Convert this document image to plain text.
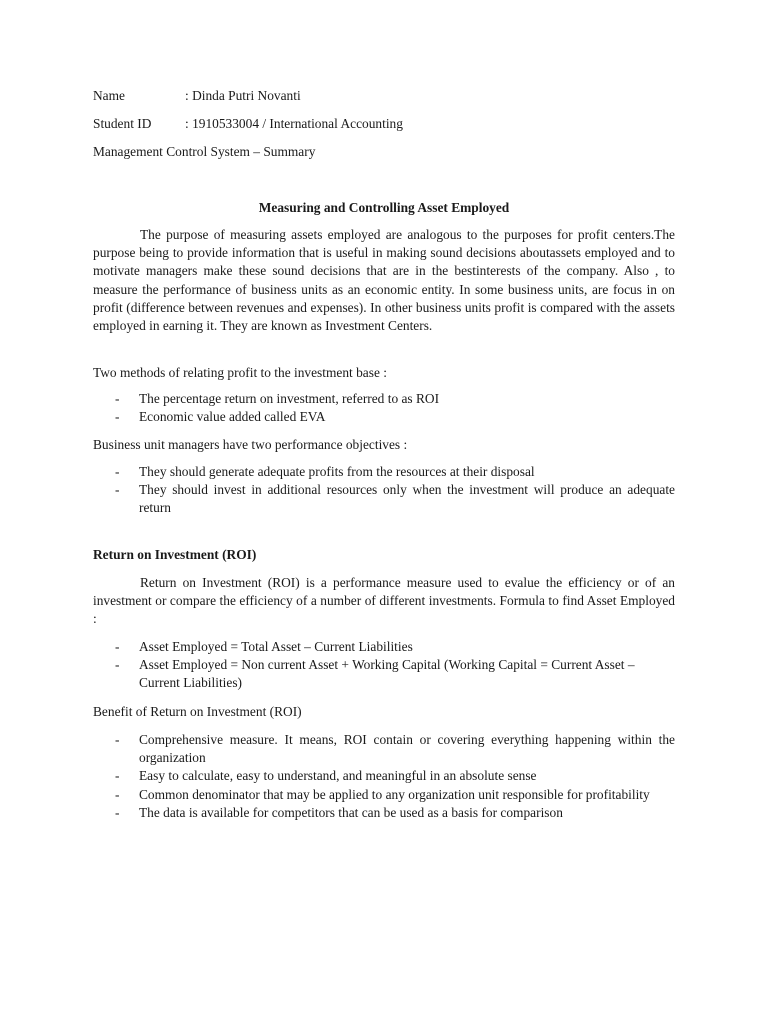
Name	: Dinda Putri Novanti
Student ID	: 1910533004 / International Accounting
Management Control System – Summary
Measuring and Controlling Asset Employed

The purpose of measuring assets employed are analogous to the purposes for profit centers.The purpose being to provide information that is useful in making sound decisions aboutassets employed and to motivate managers make these sound decisions that are in the bestinterests of the company. Also , to measure the performance of business units as an economic entity. In some business units, are focus in on profit (difference between revenues and expenses). In other business units profit is compared with the assets employed in earning it. They are known as Investment Centers.

Two methods of relating profit to the investment base :

- The percentage return on investment, referred to as ROI
- Economic value added called EVA

Business unit managers have two performance objectives :

- They should generate adequate profits from the resources at their disposal
- They should invest in additional resources only when the investment will produce an adequate return
Return on Investment (ROI)

Return on Investment (ROI) is a performance measure used to evalue the efficiency or of an investment or compare the efficiency of a number of different investments. Formula to find Asset Employed :

- Asset Employed = Total Asset – Current Liabilities
- Asset Employed = Non current Asset + Working Capital (Working Capital = Current Asset – Current Liabilities)

Benefit of Return on Investment (ROI)

- Comprehensive measure. It means, ROI contain or covering everything happening within the organization
- Easy to calculate, easy to understand, and meaningful in an absolute sense
- Common denominator that may be applied to any organization unit responsible for profitability
- The data is available for competitors that can be used as a basis for comparison
